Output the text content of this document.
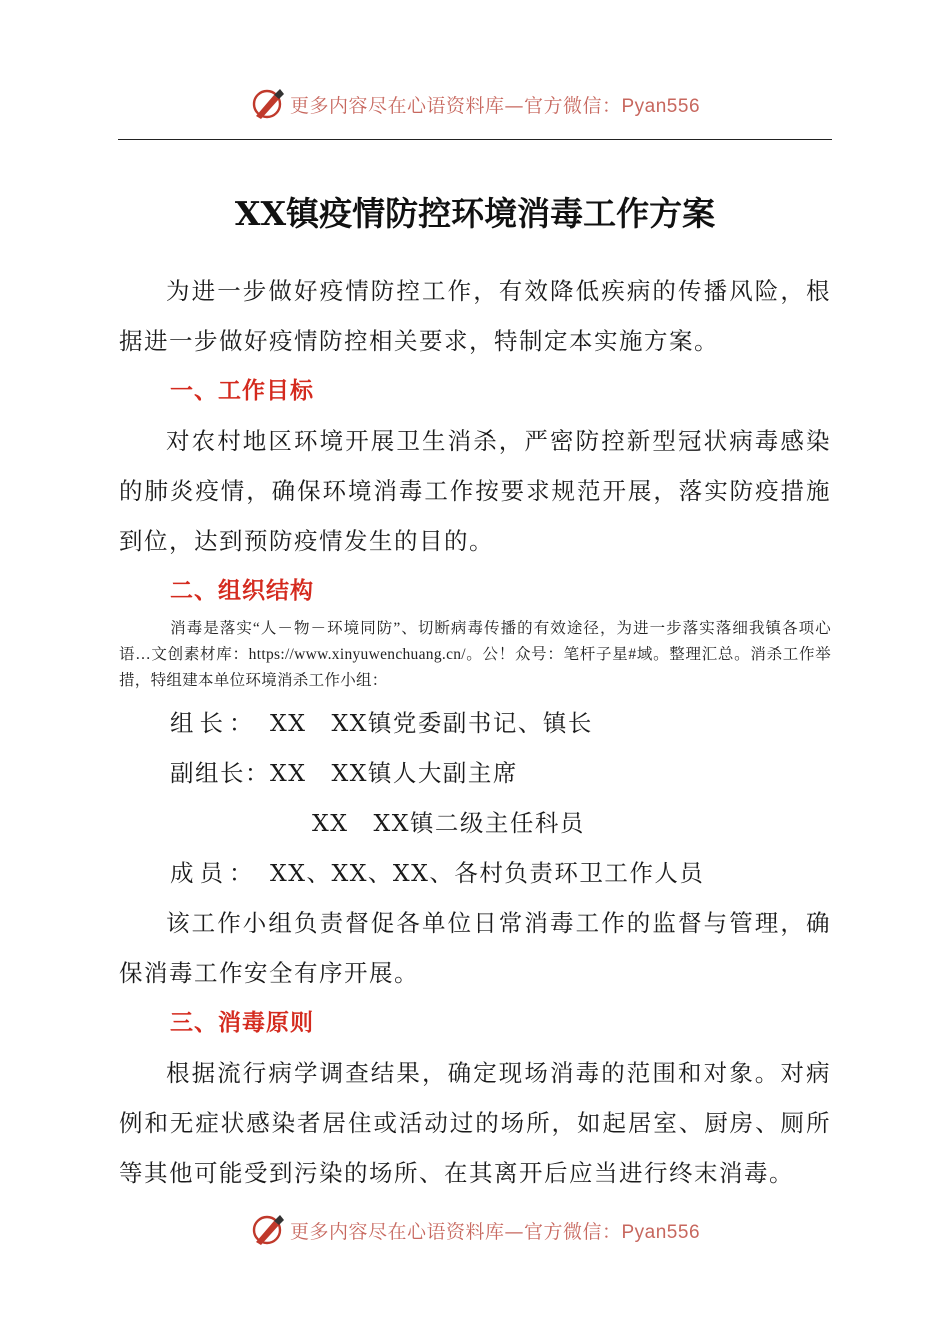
更多内容尽在心语资料库—官方微信：Pyan556
XX镇疫情防控环境消毒工作方案

为进一步做好疫情防控工作，有效降低疾病的传播风险，根据进一步做好疫情防控相关要求，特制定本实施方案。

一、工作目标

对农村地区环境开展卫生消杀，严密防控新型冠状病毒感染的肺炎疫情，确保环境消毒工作按要求规范开展，落实防疫措施到位，达到预防疫情发生的目的。

二、组织结构

消毒是落实“人－物－环境同防”、切断病毒传播的有效途径，为进一步落实落细我镇各项心语…文创素材库：https://www.xinyuwenchuang.cn/。公！众号：笔杆子星#域。整理汇总。消杀工作举措，特组建本单位环境消杀工作小组：

组长： XX　XX镇党委副书记、镇长

副组长：XX　XX镇人大副主席

XX　XX镇二级主任科员

成员： XX、XX、XX、各村负责环卫工作人员

该工作小组负责督促各单位日常消毒工作的监督与管理，确保消毒工作安全有序开展。

三、消毒原则

根据流行病学调查结果，确定现场消毒的范围和对象。对病例和无症状感染者居住或活动过的场所，如起居室、厨房、厕所等其他可能受到污染的场所、在其离开后应当进行终末消毒。

更多内容尽在心语资料库—官方微信：Pyan556
